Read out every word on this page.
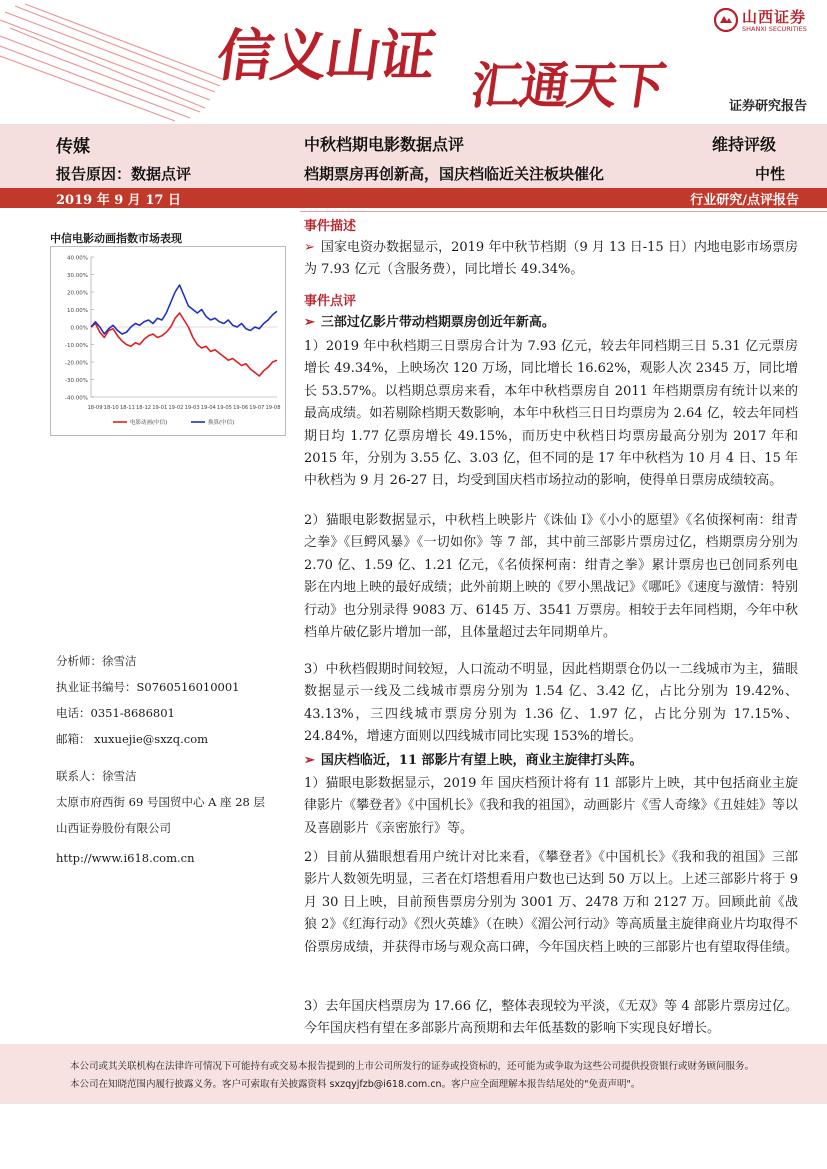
信义山证 汇通天下
山西证券
SHANXI SECURITIES
证券研究报告
传媒	中秋档期电影数据点评	维持评级
报告原因：数据点评	档期票房再创新高，国庆档临近关注板块催化	中性
2019 年 9 月 17 日	行业研究/点评报告
中信电影动画指数市场表现
40.00%
30.00%
20.00%
10.00%
0.00%
-10.00%
-20.00%
-30.00%
-40.00%
18-09 18-10 18-11 18-12 19-01 19-02 19-03 19-04 19-05 19-06 19-07 19-08
电影动画(中信)	换算(中信)
分析师：徐雪洁
执业证书编号：S0760516010001
电话：0351-8686801
邮箱： xuxuejie@sxzq.com
联系人：徐雪洁
太原市府西街 69 号国贸中心 A 座 28 层
山西证券股份有限公司
http://www.i618.com.cn
事件描述
➢ 国家电资办数据显示，2019 年中秋节档期（9 月 13 日-15 日）内地电影市场票房为 7.93 亿元（含服务费），同比增长 49.34%。
事件点评
➢ 三部过亿影片带动档期票房创近年新高。
1）2019 年中秋档期三日票房合计为 7.93 亿元，较去年同档期三日 5.31 亿元票房增长 49.34%，上映场次 120 万场，同比增长 16.62%，观影人次 2345 万，同比增长 53.57%。以档期总票房来看，本年中秋档票房自 2011 年档期票房有统计以来的最高成绩。如若剔除档期天数影响，本年中秋档三日日均票房为 2.64 亿，较去年同档期日均 1.77 亿票房增长 49.15%，而历史中秋档日均票房最高分别为 2017 年和 2015 年，分别为 3.55 亿、3.03 亿，但不同的是 17 年中秋档为 10 月 4 日、15 年中秋档为 9 月 26-27 日，均受到国庆档市场拉动的影响，使得单日票房成绩较高。
2）猫眼电影数据显示，中秋档上映影片《诛仙 I》《小小的愿望》《名侦探柯南：绀青之拳》《巨鳄风暴》《一切如你》等 7 部，其中前三部影片票房过亿，档期票房分别为 2.70 亿、1.59 亿、1.21 亿元，《名侦探柯南：绀青之拳》累计票房也已创同系列电影在内地上映的最好成绩；此外前期上映的《罗小黑战记》《哪吒》《速度与激情：特别行动》也分别录得 9083 万、6145 万、3541 万票房。相较于去年同档期，今年中秋档单片破亿影片增加一部，且体量超过去年同期单片。
3）中秋档假期时间较短，人口流动不明显，因此档期票仓仍以一二线城市为主，猫眼数据显示一线及二线城市票房分别为 1.54 亿、3.42 亿，占比分别为 19.42%、43.13%，三四线城市票房分别为 1.36 亿、1.97 亿，占比分别为 17.15%、24.84%，增速方面则以四线城市同比实现 153%的增长。
➢ 国庆档临近，11 部影片有望上映，商业主旋律打头阵。
1）猫眼电影数据显示，2019 年 国庆档预计将有 11 部影片上映，其中包括商业主旋律影片《攀登者》《中国机长》《我和我的祖国》，动画影片《雪人奇缘》《丑娃娃》等以及喜剧影片《亲密旅行》等。
2）目前从猫眼想看用户统计对比来看，《攀登者》《中国机长》《我和我的祖国》三部影片人数领先明显，三者在灯塔想看用户数也已达到 50 万以上。上述三部影片将于 9 月 30 日上映，目前预售票房分别为 3001 万、2478 万和 2127 万。回顾此前《战狼 2》《红海行动》《烈火英雄》（在映）《湄公河行动》等高质量主旋律商业片均取得不俗票房成绩，并获得市场与观众高口碑，今年国庆档上映的三部影片也有望取得佳绩。
3）去年国庆档票房为 17.66 亿，整体表现较为平淡，《无双》等 4 部影片票房过亿。今年国庆档有望在多部影片高预期和去年低基数的影响下实现良好增长。
本公司或其关联机构在法律许可情况下可能持有或交易本报告提到的上市公司所发行的证券或投资标的，还可能为或争取为这些公司提供投资银行或财务顾问服务。本公司在知晓范围内履行披露义务。客户可索取有关披露资料 sxzqyjfzb@i618.com.cn。客户应全面理解本报告结尾处的"免责声明"。
